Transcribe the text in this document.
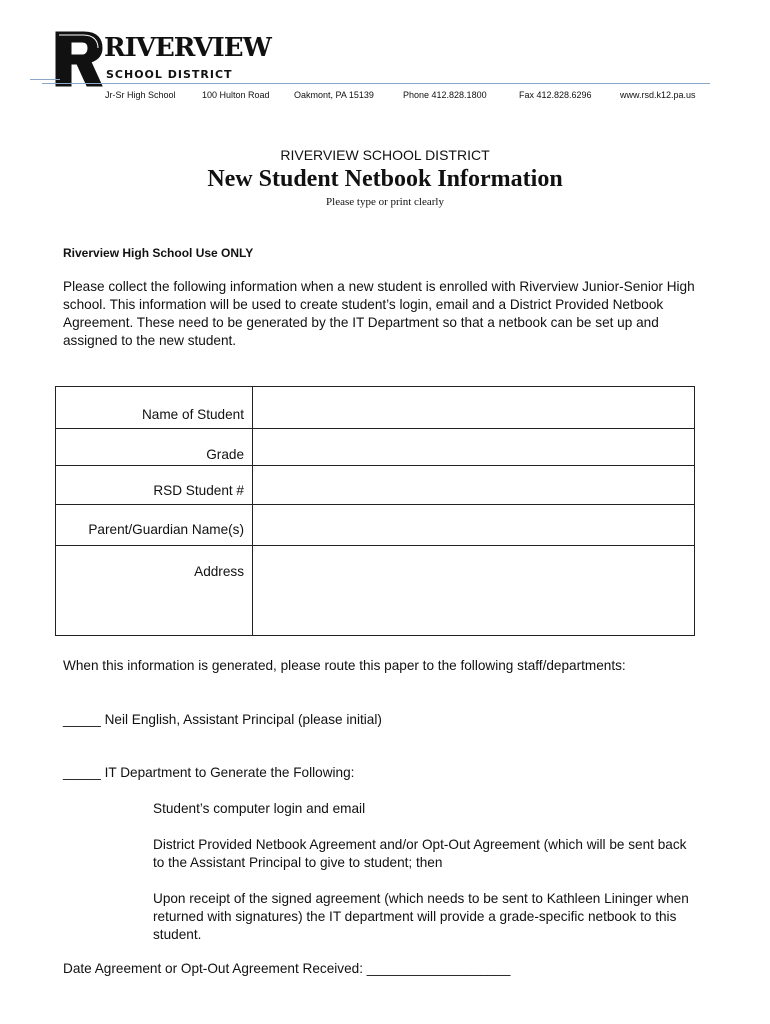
RIVERVIEW
SCHOOL DISTRICT
Jr-Sr High School	100 Hulton Road	Oakmont, PA 15139	Phone 412.828.1800	Fax 412.828.6296	www.rsd.k12.pa.us
RIVERVIEW SCHOOL DISTRICT
New Student Netbook Information
Please type or print clearly
Riverview High School Use ONLY
Please collect the following information when a new student is enrolled with Riverview Junior-Senior High school. This information will be used to create student’s login, email and a District Provided Netbook Agreement. These need to be generated by the IT Department so that a netbook can be set up and assigned to the new student.
Name of Student
Grade
RSD Student #
Parent/Guardian Name(s)
Address
When this information is generated, please route this paper to the following staff/departments:
_____ Neil English, Assistant Principal (please initial)
_____ IT Department to Generate the Following:
Student’s computer login and email
District Provided Netbook Agreement and/or Opt-Out Agreement (which will be sent back to the Assistant Principal to give to student; then
Upon receipt of the signed agreement (which needs to be sent to Kathleen Lininger when returned with signatures) the IT department will provide a grade-specific netbook to this student.
Date Agreement or Opt-Out Agreement Received: ___________________
